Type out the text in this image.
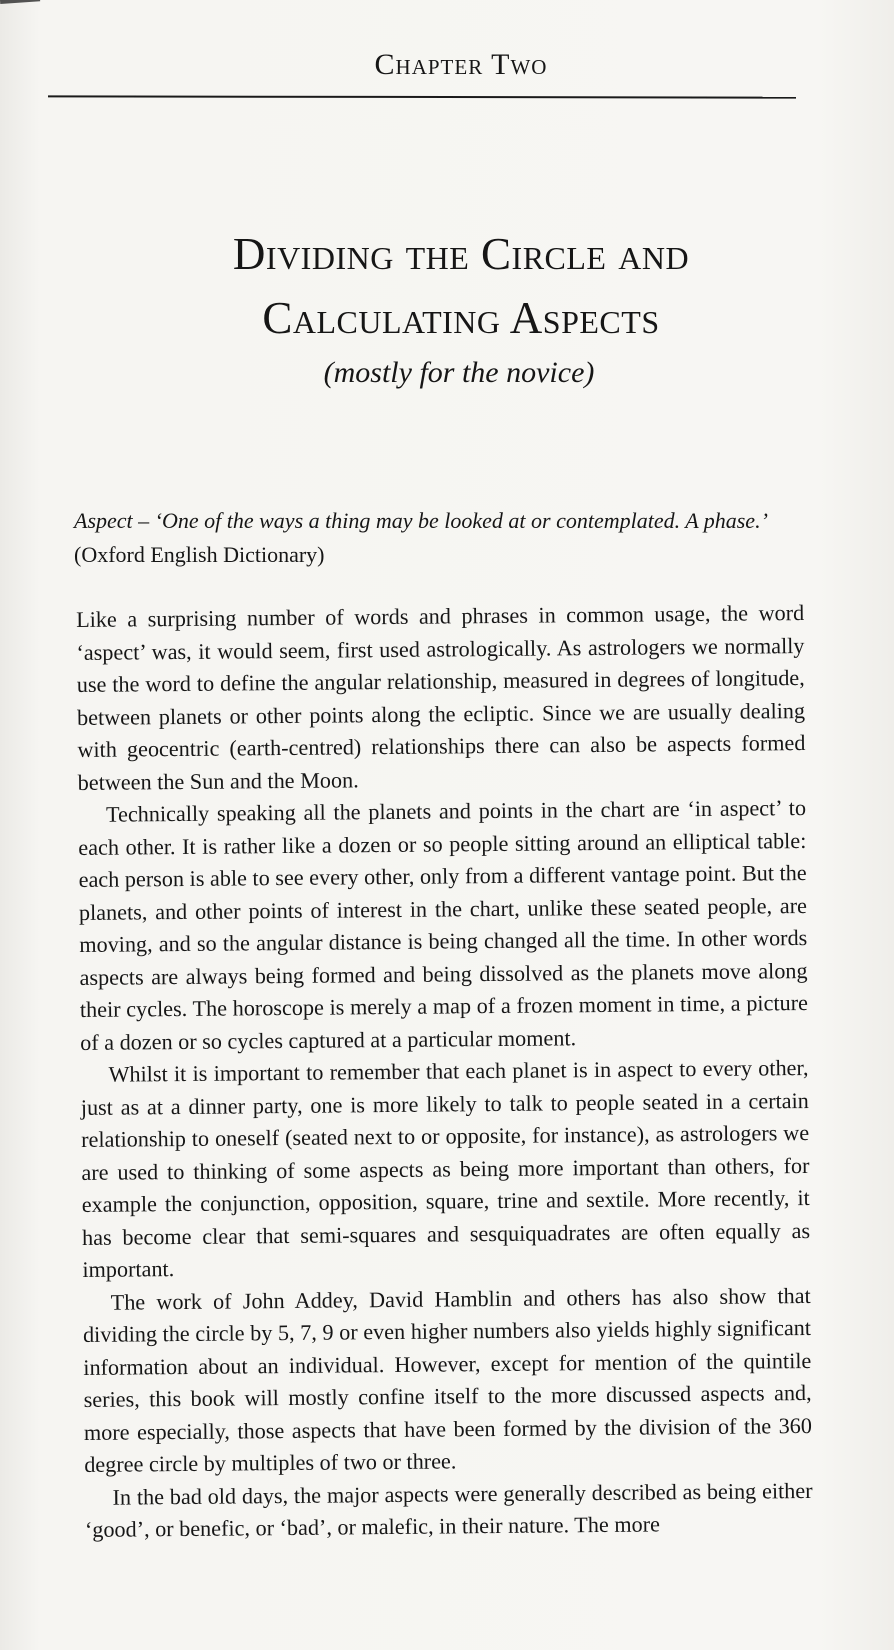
Chapter Two
Dividing the Circle and
Calculating Aspects
(mostly for the novice)
Aspect – ‘One of the ways a thing may be looked at or contemplated. A phase.’
(Oxford English Dictionary)

Like a surprising number of words and phrases in common usage, the word ‘aspect’ was, it would seem, first used astrologically. As astrologers we normally use the word to define the angular relationship, measured in degrees of longitude, between planets or other points along the ecliptic. Since we are usually dealing with geocentric (earth-centred) relationships there can also be aspects formed between the Sun and the Moon.

Technically speaking all the planets and points in the chart are ‘in aspect’ to each other. It is rather like a dozen or so people sitting around an elliptical table: each person is able to see every other, only from a different vantage point. But the planets, and other points of interest in the chart, unlike these seated people, are moving, and so the angular distance is being changed all the time. In other words aspects are always being formed and being dissolved as the planets move along their cycles. The horoscope is merely a map of a frozen moment in time, a picture of a dozen or so cycles captured at a particular moment.

Whilst it is important to remember that each planet is in aspect to every other, just as at a dinner party, one is more likely to talk to people seated in a certain relationship to oneself (seated next to or opposite, for instance), as astrologers we are used to thinking of some aspects as being more important than others, for example the conjunction, opposition, square, trine and sextile. More recently, it has become clear that semi-squares and sesquiquadrates are often equally as important.

The work of John Addey, David Hamblin and others has also show that dividing the circle by 5, 7, 9 or even higher numbers also yields highly significant information about an individual. However, except for mention of the quintile series, this book will mostly confine itself to the more discussed aspects and, more especially, those aspects that have been formed by the division of the 360 degree circle by multiples of two or three.

In the bad old days, the major aspects were generally described as being either ‘good’, or benefic, or ‘bad’, or malefic, in their nature. The more
